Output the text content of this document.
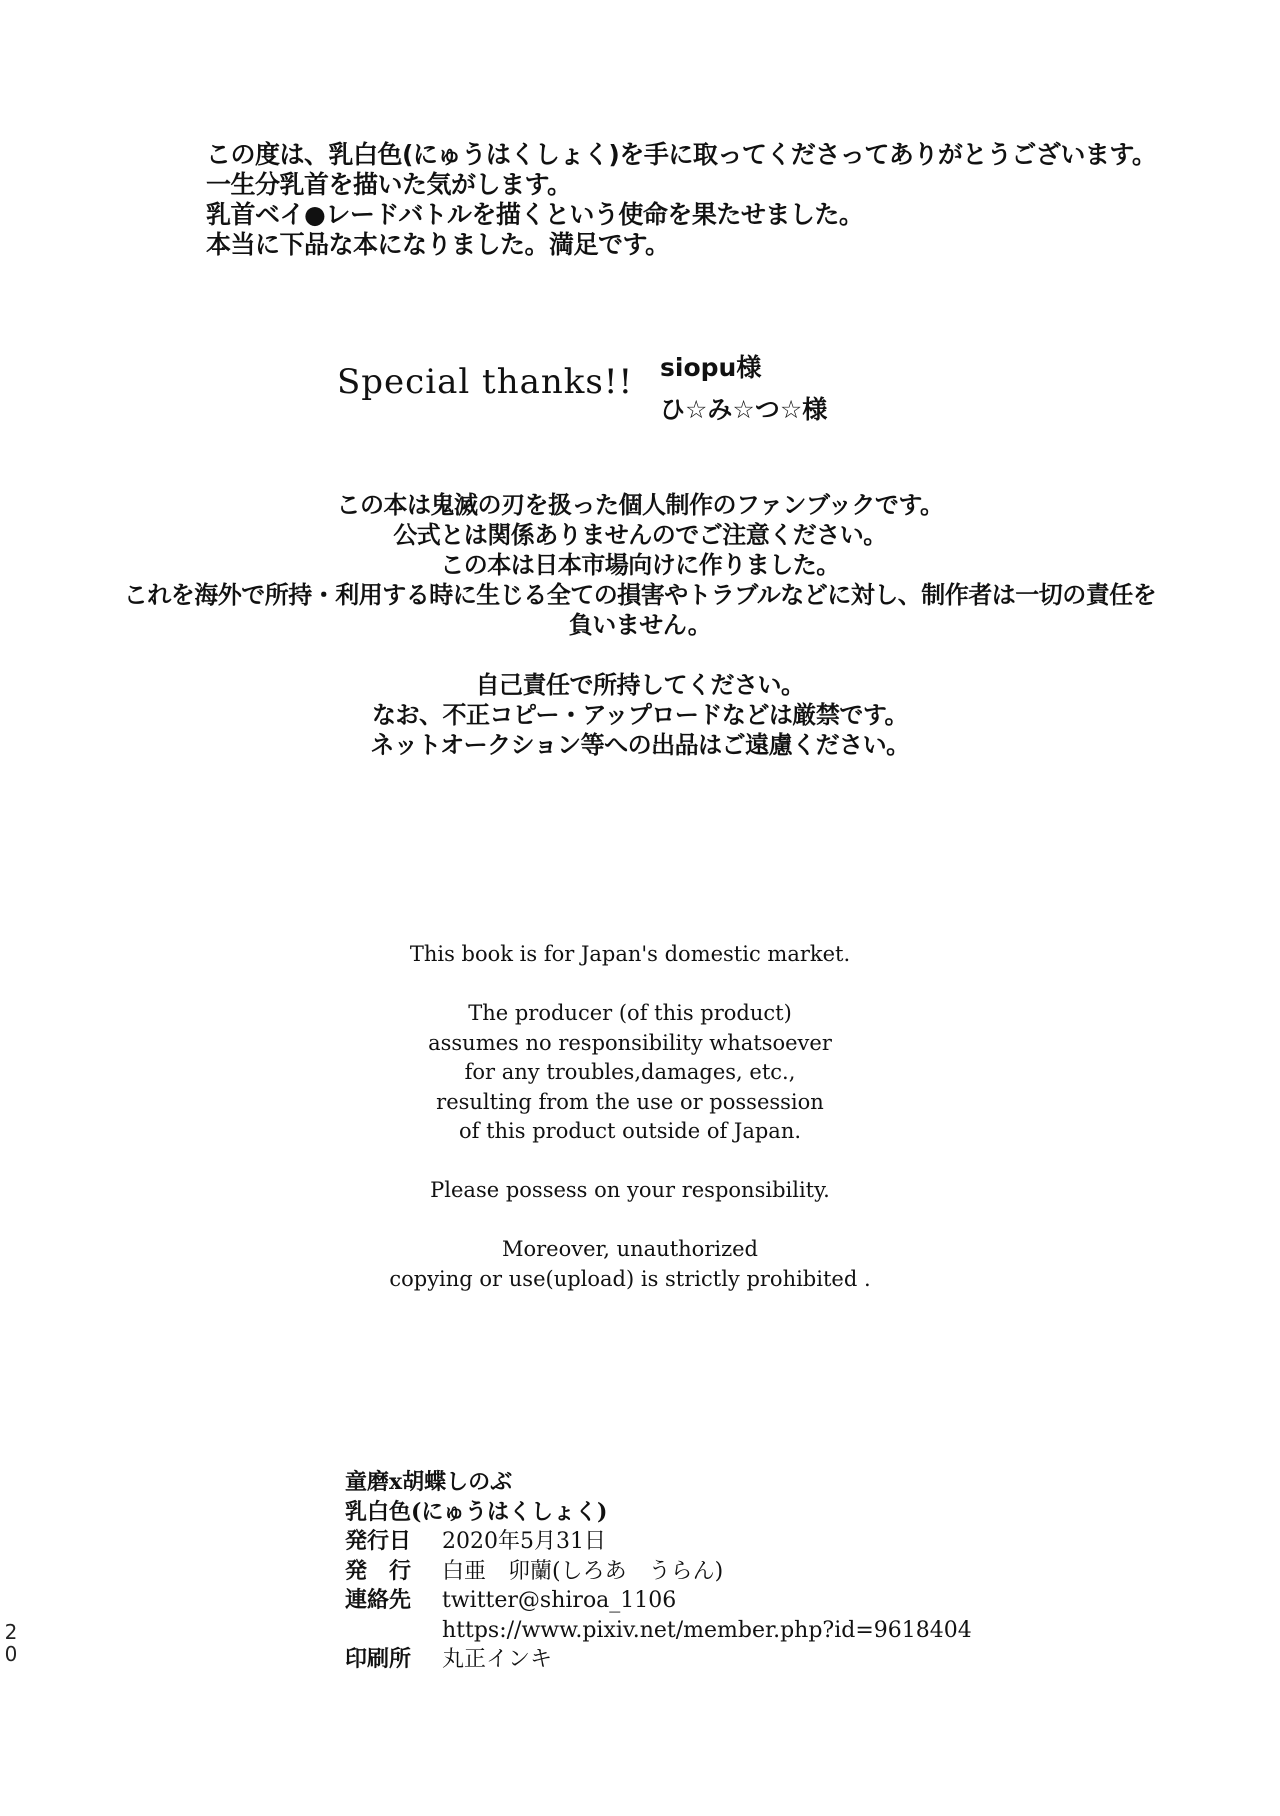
この度は、乳白色(にゅうはくしょく)を手に取ってくださってありがとうございます。
一生分乳首を描いた気がします。
乳首ベイ●レードバトルを描くという使命を果たせました。
本当に下品な本になりました。満足です。
Special thanks!! siopu様
ひ☆み☆つ☆様
この本は鬼滅の刃を扱った個人制作のファンブックです。
公式とは関係ありませんのでご注意ください。
この本は日本市場向けに作りました。
これを海外で所持・利用する時に生じる全ての損害やトラブルなどに対し、制作者は一切の責任を
負いません。
自己責任で所持してください。
なお、不正コピー・アップロードなどは厳禁です。
ネットオークション等への出品はご遠慮ください。
This book is for Japan's domestic market.
The producer (of this product)
assumes no responsibility whatsoever
for any troubles,damages, etc.,
resulting from the use or possession
of this product outside of Japan.
Please possess on your responsibility.
Moreover, unauthorized
copying or use(upload) is strictly prohibited .
童磨x胡蝶しのぶ
乳白色(にゅうはくしょく)
発行日	2020年5月31日
発　行	白亜　卯蘭(しろあ　うらん)
連絡先	twitter@shiroa_1106
https://www.pixiv.net/member.php?id=9618404
印刷所	丸正インキ
2
0
